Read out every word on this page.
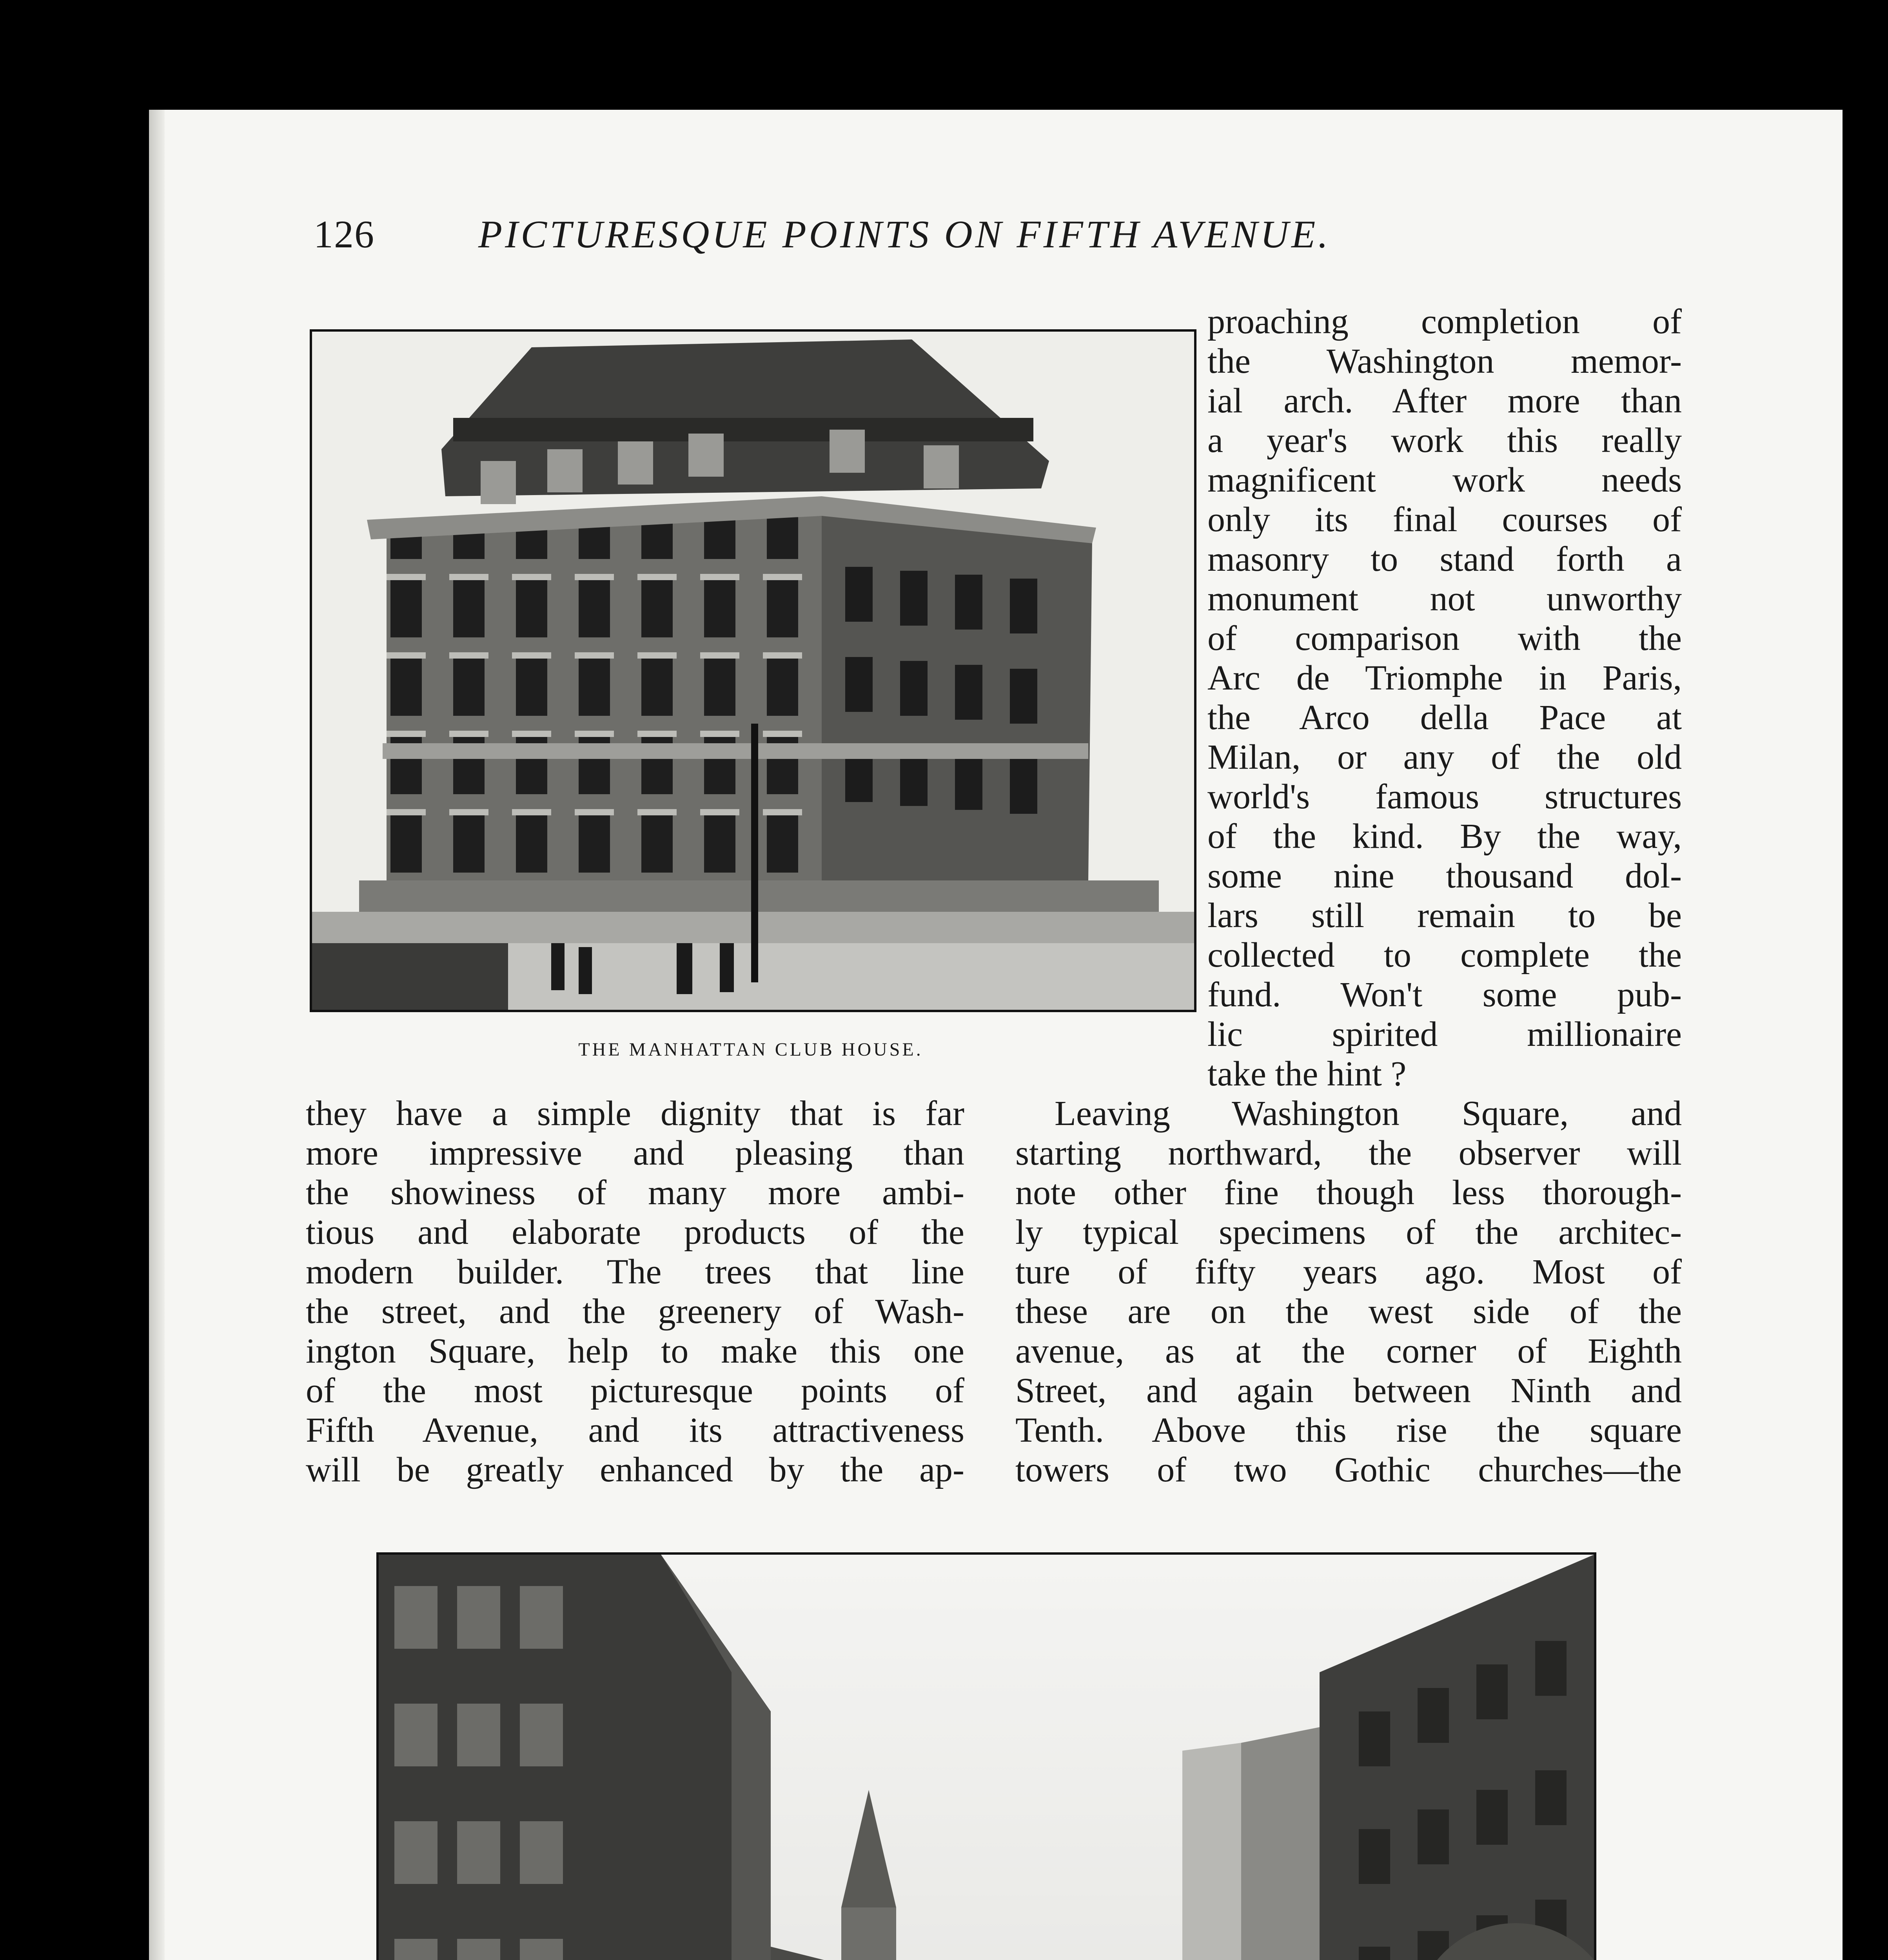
126	PICTURESQUE POINTS ON FIFTH AVENUE.
THE MANHATTAN CLUB HOUSE.
proaching completion of
the Washington memor-
ial arch. After more than
a year's work this really
magnificent work needs
only its final courses of
masonry to stand forth a
monument not unworthy
of comparison with the
Arc de Triomphe in Paris,
the Arco della Pace at
Milan, or any of the old
world's famous structures
of the kind. By the way,
some nine thousand dol-
lars still remain to be
collected to complete the
fund. Won't some pub-
lic spirited millionaire
take the hint ?
they have a simple dignity that is far
more impressive and pleasing than
the showiness of many more ambi-
tious and elaborate products of the
modern builder. The trees that line
the street, and the greenery of Wash-
ington Square, help to make this one
of the most picturesque points of
Fifth Avenue, and its attractiveness
will be greatly enhanced by the ap-
Leaving Washington Square, and
starting northward, the observer will
note other fine though less thorough-
ly typical specimens of the architec-
ture of fifty years ago. Most of
these are on the west side of the
avenue, as at the corner of Eighth
Street, and again between Ninth and
Tenth. Above this rise the square
towers of two Gothic churches—the
